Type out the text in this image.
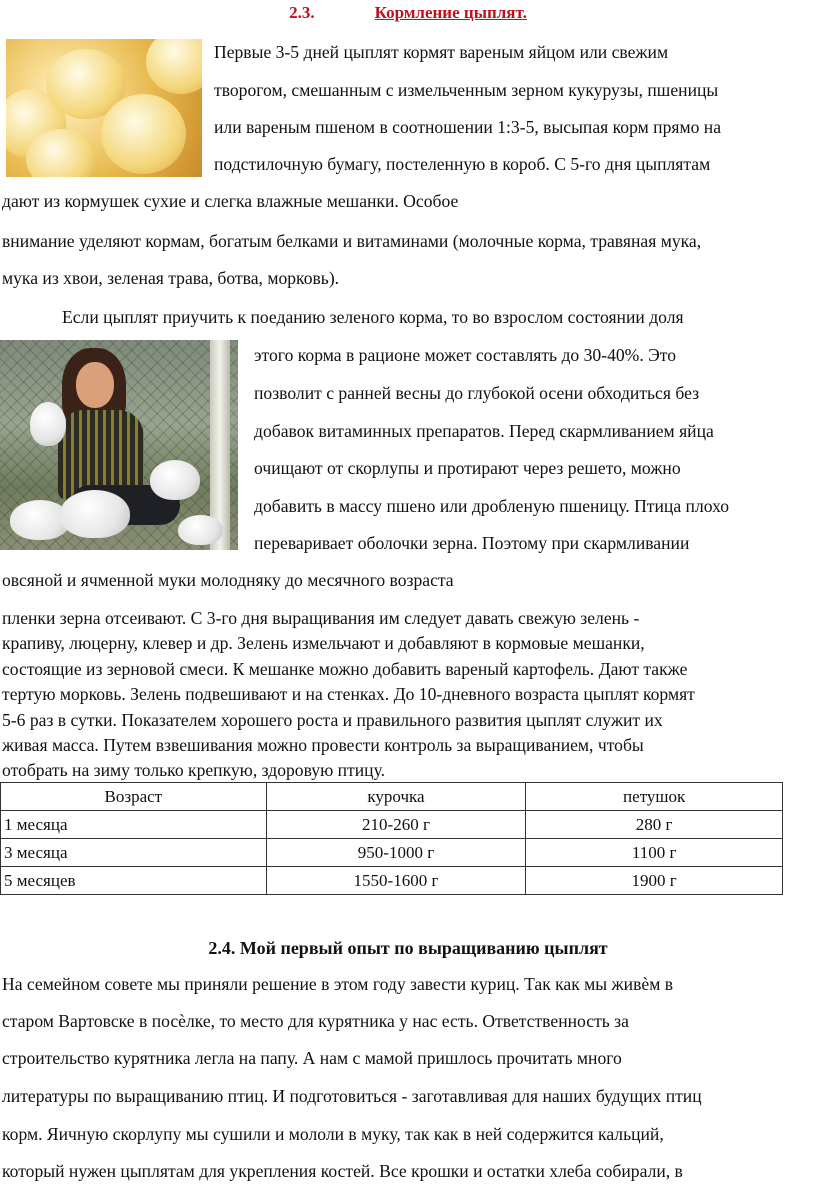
2.3.	Кормление цыплят.
Первые 3-5 дней цыплят кормят вареным яйцом или свежим
творогом, смешанным с измельченным зерном кукурузы, пшеницы
или вареным пшеном в соотношении 1:3-5, высыпая корм прямо на
подстилочную бумагу, постеленную в короб. С 5-го дня цыплятам
дают из кормушек сухие и слегка влажные мешанки. Особое
внимание уделяют кормам, богатым белками и витаминами (молочные корма, травяная мука,
мука из хвои, зеленая трава, ботва, морковь).
Если цыплят приучить к поеданию зеленого корма, то во взрослом состоянии доля
этого корма в рационе может составлять до 30-40%. Это
позволит с ранней весны до глубокой осени обходиться без
добавок витаминных препаратов. Перед скармливанием яйца
очищают от скорлупы и протирают через решето, можно
добавить в массу пшено или дробленую пшеницу. Птица плохо
переваривает оболочки зерна. Поэтому при скармливании
овсяной и ячменной муки молодняку до месячного возраста
пленки зерна отсеивают. С 3-го дня выращивания им следует давать свежую зелень -
крапиву, люцерну, клевер и др. Зелень измельчают и добавляют в кормовые мешанки,
состоящие из зерновой смеси. К мешанке можно добавить вареный картофель. Дают также
тертую морковь. Зелень подвешивают и на стенках. До 10-дневного возраста цыплят кормят
5-6 раз в сутки. Показателем хорошего роста и правильного развития цыплят служит их
живая масса. Путем взвешивания можно провести контроль за выращиванием, чтобы
отобрать на зиму только крепкую, здоровую птицу.
Возраст	курочка	петушок
1 месяца	210-260 г	280 г
3 месяца	950-1000 г	1100 г
5 месяцев	1550-1600 г	1900 г
2.4. Мой первый опыт по выращиванию цыплят
На семейном совете мы приняли решение в этом году завести куриц. Так как мы живѐм в
старом Вартовске в посѐлке, то место для курятника у нас есть. Ответственность за
строительство курятника легла на папу. А нам с мамой пришлось прочитать много
литературы по выращиванию птиц. И подготовиться - заготавливая для наших будущих птиц
корм. Яичную скорлупу мы сушили и мололи в муку, так как в ней содержится кальций,
который нужен цыплятам для укрепления костей. Все крошки и остатки хлеба собирали, в
